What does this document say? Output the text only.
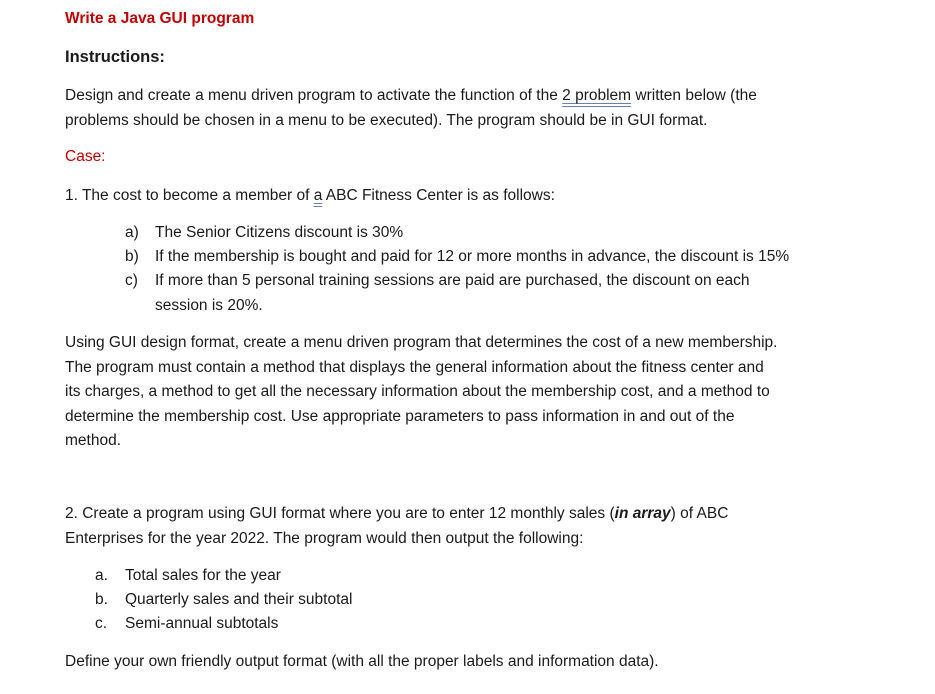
Write a Java GUI program
Instructions:
Design and create a menu driven program to activate the function of the 2 problem written below (the
problems should be chosen in a menu to be executed). The program should be in GUI format.
Case:
1. The cost to become a member of a ABC Fitness Center is as follows:
a) The Senior Citizens discount is 30%
b) If the membership is bought and paid for 12 or more months in advance, the discount is 15%
c) If more than 5 personal training sessions are paid are purchased, the discount on each
session is 20%.
Using GUI design format, create a menu driven program that determines the cost of a new membership.
The program must contain a method that displays the general information about the fitness center and
its charges, a method to get all the necessary information about the membership cost, and a method to
determine the membership cost. Use appropriate parameters to pass information in and out of the
method.
2. Create a program using GUI format where you are to enter 12 monthly sales (in array) of ABC
Enterprises for the year 2022. The program would then output the following:
a. Total sales for the year
b. Quarterly sales and their subtotal
c. Semi-annual subtotals
Define your own friendly output format (with all the proper labels and information data).
